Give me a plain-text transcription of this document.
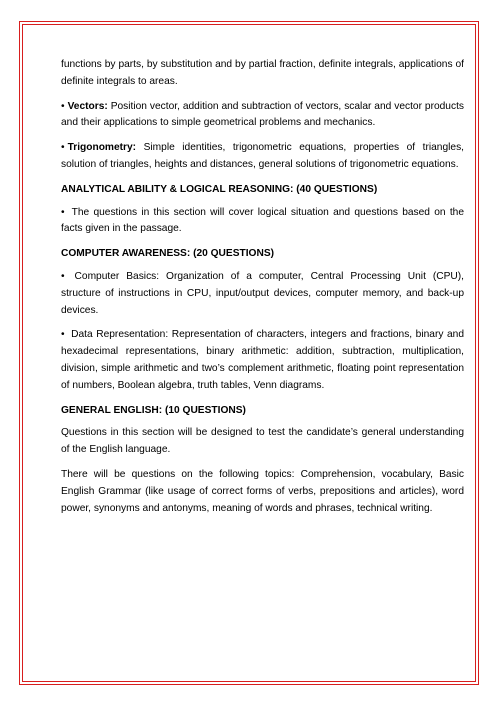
functions by parts, by substitution and by partial fraction, definite integrals, applications of definite integrals to areas.

• Vectors: Position vector, addition and subtraction of vectors, scalar and vector products and their applications to simple geometrical problems and mechanics.

• Trigonometry: Simple identities, trigonometric equations, properties of triangles, solution of triangles, heights and distances, general solutions of trigonometric equations.

ANALYTICAL ABILITY & LOGICAL REASONING: (40 QUESTIONS)

• The questions in this section will cover logical situation and questions based on the facts given in the passage.

COMPUTER AWARENESS: (20 QUESTIONS)

• Computer Basics: Organization of a computer, Central Processing Unit (CPU), structure of instructions in CPU, input/output devices, computer memory, and back-up devices.

• Data Representation: Representation of characters, integers and fractions, binary and hexadecimal representations, binary arithmetic: addition, subtraction, multiplication, division, simple arithmetic and two’s complement arithmetic, floating point representation of numbers, Boolean algebra, truth tables, Venn diagrams.

GENERAL ENGLISH: (10 QUESTIONS)

Questions in this section will be designed to test the candidate’s general understanding of the English language.

There will be questions on the following topics: Comprehension, vocabulary, Basic English Grammar (like usage of correct forms of verbs, prepositions and articles), word power, synonyms and antonyms, meaning of words and phrases, technical writing.
